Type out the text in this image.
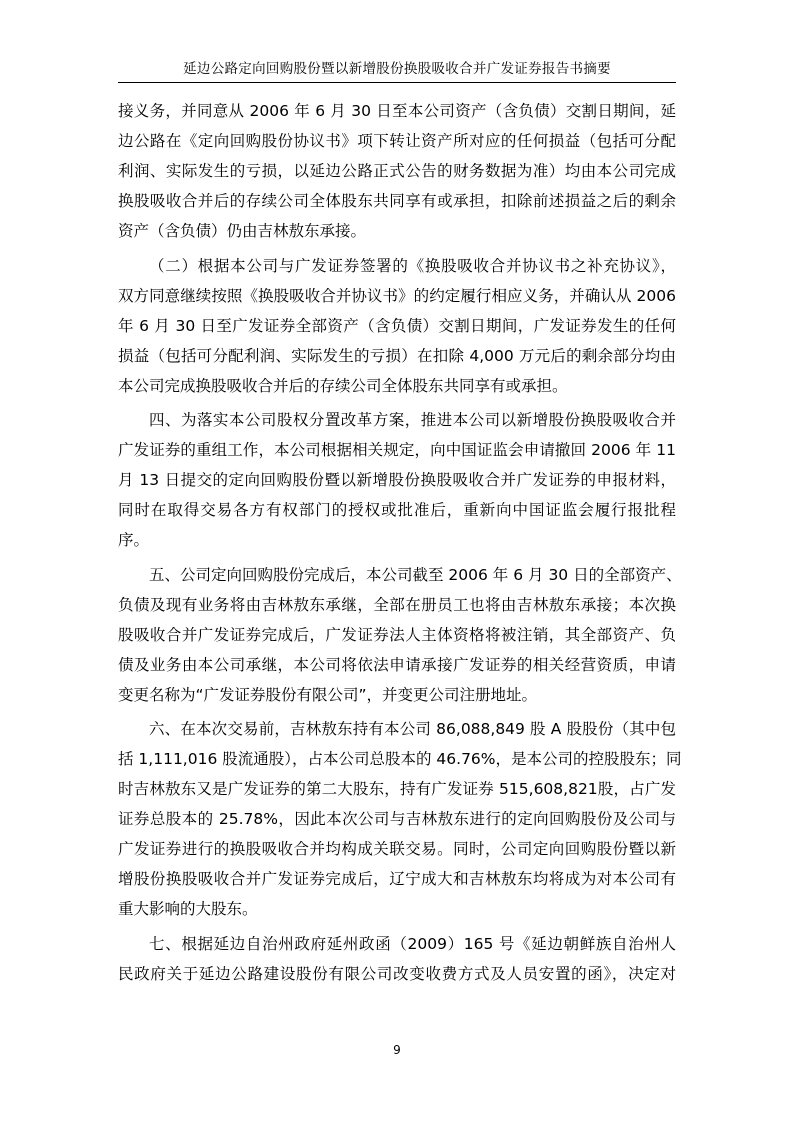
延边公路定向回购股份暨以新增股份换股吸收合并广发证券报告书摘要
接义务，并同意从 2006 年 6 月 30 日至本公司资产（含负债）交割日期间，延
边公路在《定向回购股份协议书》项下转让资产所对应的任何损益（包括可分配
利润、实际发生的亏损，以延边公路正式公告的财务数据为准）均由本公司完成
换股吸收合并后的存续公司全体股东共同享有或承担，扣除前述损益之后的剩余
资产（含负债）仍由吉林敖东承接。
（二）根据本公司与广发证券签署的《换股吸收合并协议书之补充协议》，
双方同意继续按照《换股吸收合并协议书》的约定履行相应义务，并确认从 2006
年 6 月 30 日至广发证券全部资产（含负债）交割日期间，广发证券发生的任何
损益（包括可分配利润、实际发生的亏损）在扣除 4,000 万元后的剩余部分均由
本公司完成换股吸收合并后的存续公司全体股东共同享有或承担。
四、为落实本公司股权分置改革方案，推进本公司以新增股份换股吸收合并
广发证券的重组工作，本公司根据相关规定，向中国证监会申请撤回 2006 年 11
月 13 日提交的定向回购股份暨以新增股份换股吸收合并广发证券的申报材料，
同时在取得交易各方有权部门的授权或批准后，重新向中国证监会履行报批程
序。
五、公司定向回购股份完成后，本公司截至 2006 年 6 月 30 日的全部资产、
负债及现有业务将由吉林敖东承继，全部在册员工也将由吉林敖东承接；本次换
股吸收合并广发证券完成后，广发证券法人主体资格将被注销，其全部资产、负
债及业务由本公司承继，本公司将依法申请承接广发证券的相关经营资质，申请
变更名称为“广发证券股份有限公司”，并变更公司注册地址。
六、在本次交易前，吉林敖东持有本公司 86,088,849 股 A 股股份（其中包
括 1,111,016 股流通股），占本公司总股本的 46.76%，是本公司的控股股东；同
时吉林敖东又是广发证券的第二大股东，持有广发证券 515,608,821股，占广发
证券总股本的 25.78%，因此本次公司与吉林敖东进行的定向回购股份及公司与
广发证券进行的换股吸收合并均构成关联交易。同时，公司定向回购股份暨以新
增股份换股吸收合并广发证券完成后，辽宁成大和吉林敖东均将成为对本公司有
重大影响的大股东。
七、根据延边自治州政府延州政函（2009）165 号《延边朝鲜族自治州人
民政府关于延边公路建设股份有限公司改变收费方式及人员安置的函》，决定对
9
